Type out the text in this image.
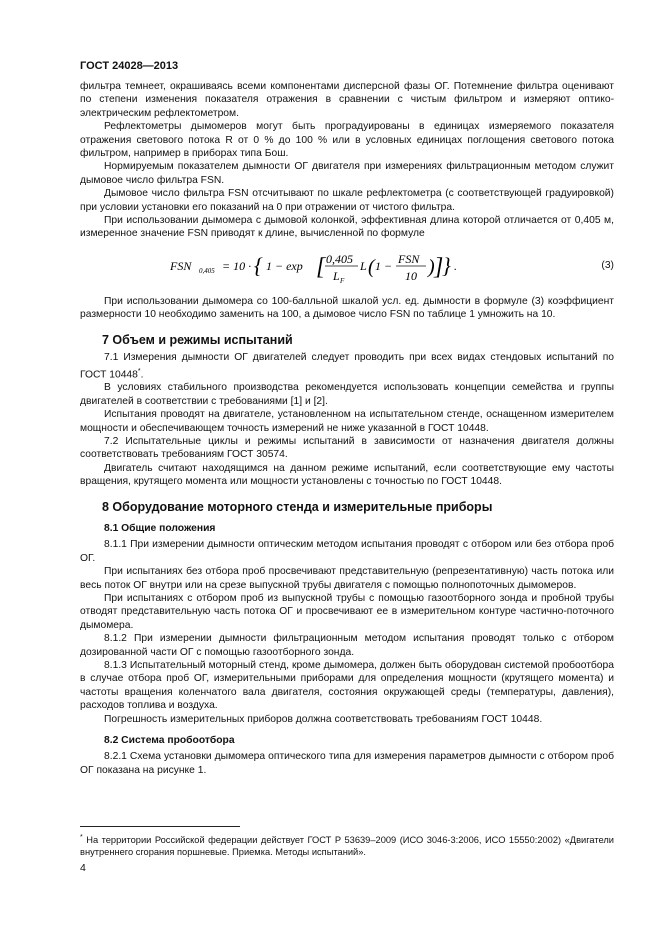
ГОСТ 24028—2013

фильтра темнеет, окрашиваясь всеми компонентами дисперсной фазы ОГ. Потемнение фильтра оценивают по степени изменения показателя отражения в сравнении с чистым фильтром и измеряют оптико-электрическим рефлектометром.

Рефлектометры дымомеров могут быть проградуированы в единицах измеряемого показателя отражения светового потока R от 0 % до 100 % или в условных единицах поглощения светового потока фильтром, например в приборах типа Бош.

Нормируемым показателем дымности ОГ двигателя при измерениях фильтрационным методом служит дымовое число фильтра FSN.

Дымовое число фильтра FSN отсчитывают по шкале рефлектометра (с соответствующей градуировкой) при условии установки его показаний на 0 при отражении от чистого фильтра.

При использовании дымомера с дымовой колонкой, эффективная длина которой отличается от 0,405 м, измеренное значение FSN приводят к длине, вычисленной по формуле

FSN 0,405 = 10 · { 1 − exp [ 0,405
L F
L ( 1 − FSN
10 ) ]
} .	(3)

При использовании дымомера со 100-балльной шкалой усл. ед. дымности в формуле (3) коэффициент размерности 10 необходимо заменить на 100, а дымовое число FSN по таблице 1 умножить на 10.

7 Объем и режимы испытаний

7.1 Измерения дымности ОГ двигателей следует проводить при всех видах стендовых испытаний по ГОСТ 10448*.

В условиях стабильного производства рекомендуется использовать концепции семейства и группы двигателей в соответствии с требованиями [1] и [2].

Испытания проводят на двигателе, установленном на испытательном стенде, оснащенном измерителем мощности и обеспечивающем точность измерений не ниже указанной в ГОСТ 10448.

7.2 Испытательные циклы и режимы испытаний в зависимости от назначения двигателя должны соответствовать требованиям ГОСТ 30574.

Двигатель считают находящимся на данном режиме испытаний, если соответствующие ему частоты вращения, крутящего момента или мощности установлены с точностью по ГОСТ 10448.

8 Оборудование моторного стенда и измерительные приборы
8.1 Общие положения

8.1.1 При измерении дымности оптическим методом испытания проводят с отбором или без отбора проб ОГ.

При испытаниях без отбора проб просвечивают представительную (репрезентативную) часть потока или весь поток ОГ внутри или на срезе выпускной трубы двигателя с помощью полнопоточных дымомеров.

При испытаниях с отбором проб из выпускной трубы с помощью газоотборного зонда и пробной трубы отводят представительную часть потока ОГ и просвечивают ее в измерительном контуре частично-поточного дымомера.

8.1.2 При измерении дымности фильтрационным методом испытания проводят только с отбором дозированной части ОГ с помощью газоотборного зонда.

8.1.3 Испытательный моторный стенд, кроме дымомера, должен быть оборудован системой пробоотбора в случае отбора проб ОГ, измерительными приборами для определения мощности (крутящего момента) и частоты вращения коленчатого вала двигателя, состояния окружающей среды (температуры, давления), расходов топлива и воздуха.

Погрешность измерительных приборов должна соответствовать требованиям ГОСТ 10448.

8.2 Система пробоотбора

8.2.1 Схема установки дымомера оптического типа для измерения параметров дымности с отбором проб ОГ показана на рисунке 1.

* На территории Российской федерации действует ГОСТ Р 53639–2009 (ИСО 3046-3:2006, ИСО 15550:2002) «Двигатели внутреннего сгорания поршневые. Приемка. Методы испытаний».
4
